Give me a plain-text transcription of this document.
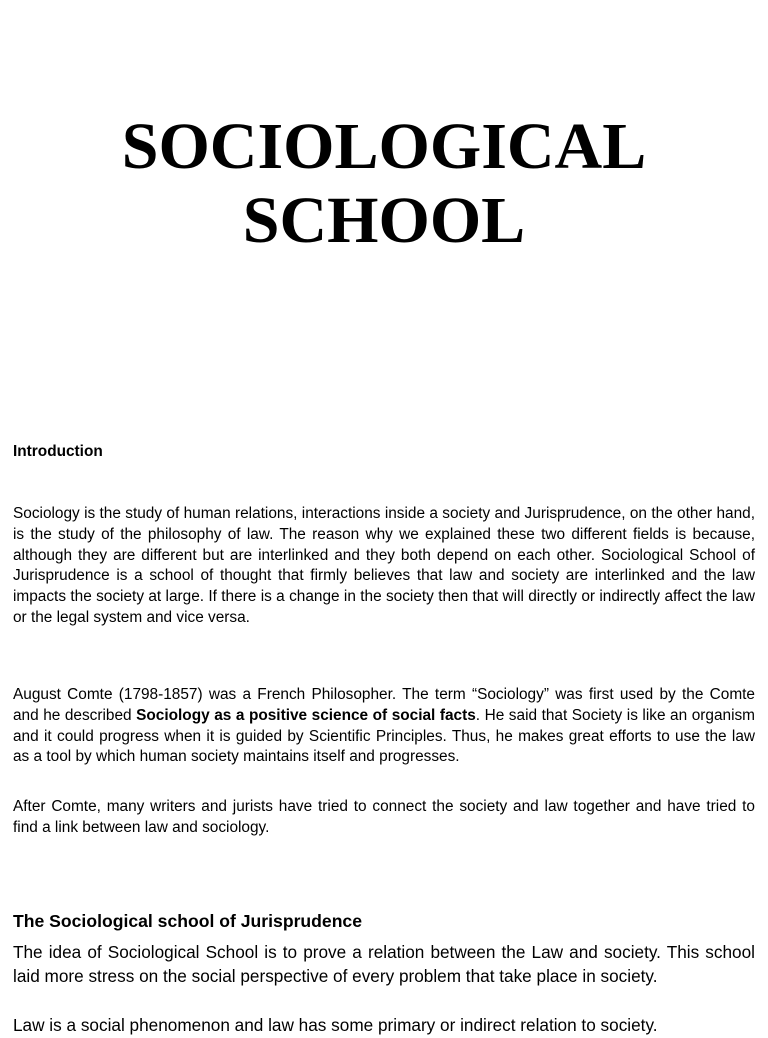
SOCIOLOGICAL
SCHOOL

Introduction

Sociology is the study of human relations, interactions inside a society and Jurisprudence, on the other hand, is the study of the philosophy of law. The reason why we explained these two different fields is because, although they are different but are interlinked and they both depend on each other. Sociological School of Jurisprudence is a school of thought that firmly believes that law and society are interlinked and the law impacts the society at large. If there is a change in the society then that will directly or indirectly affect the law or the legal system and vice versa.

August Comte (1798-1857) was a French Philosopher. The term “Sociology” was first used by the Comte and he described Sociology as a positive science of social facts. He said that Society is like an organism and it could progress when it is guided by Scientific Principles. Thus, he makes great efforts to use the law as a tool by which human society maintains itself and progresses.

After Comte, many writers and jurists have tried to connect the society and law together and have tried to find a link between law and sociology.

The Sociological school of Jurisprudence

The idea of Sociological School is to prove a relation between the Law and society. This school laid more stress on the social perspective of every problem that take place in society.

Law is a social phenomenon and law has some primary or indirect relation to society.
